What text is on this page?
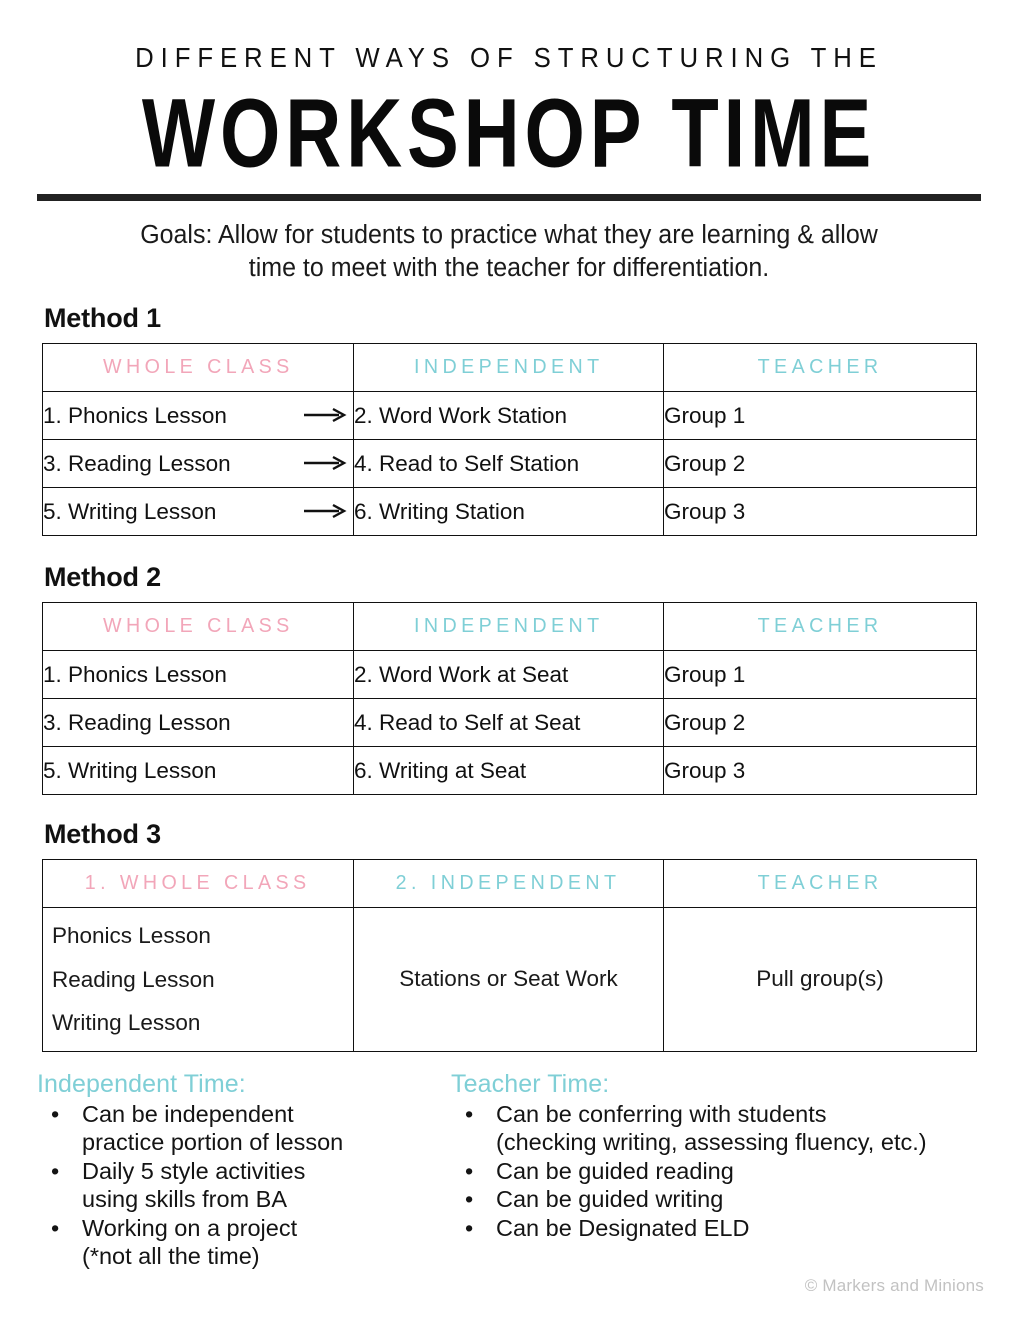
DIFFERENT WAYS OF STRUCTURING THE
WORKSHOP TIME
Goals: Allow for students to practice what they are learning & allow
time to meet with the teacher for differentiation.
Method 1
WHOLE CLASS	INDEPENDENT	TEACHER

1. Phonics Lesson	2. Word Work Station	Group 1

3. Reading Lesson	4. Read to Self Station	Group 2

5. Writing Lesson	6. Writing Station	Group 3
Method 2
WHOLE CLASS	INDEPENDENT	TEACHER
1. Phonics Lesson	2. Word Work at Seat	Group 1
3. Reading Lesson	4. Read to Self at Seat	Group 2
5. Writing Lesson	6. Writing at Seat	Group 3
Method 3
1. WHOLE CLASS	2. INDEPENDENT	TEACHER

Phonics Lesson
Reading Lesson
Writing Lesson	Stations or Seat Work	Pull group(s)
Independent Time:
• Can be independent
practice portion of lesson
• Daily 5 style activities
using skills from BA
• Working on a project
(*not all the time)
Teacher Time:
• Can be conferring with students
(checking writing, assessing fluency, etc.)
• Can be guided reading
• Can be guided writing
• Can be Designated ELD
© Markers and Minions
